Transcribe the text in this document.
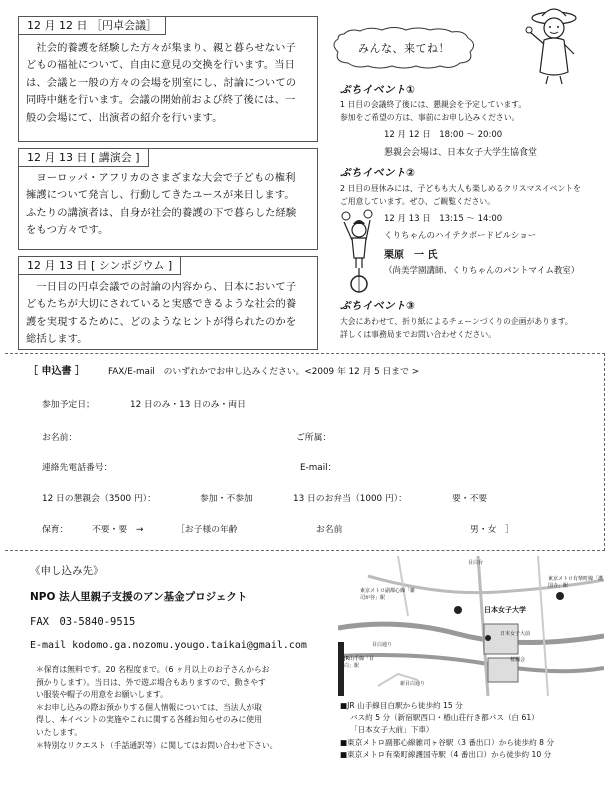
12 月 12 日 ［円卓会議］
社会的養護を経験した方々が集まり、親と暮らせない子
どもの福祉について、自由に意見の交換を行います。当日
は、会議と一般の方々の会場を別室にし、討論についての
同時中継を行います。会議の開始前および終了後には、一
般の会場にて、出演者の紹介を行います。
12 月 13 日 [ 講演会 ]
ヨーロッパ・アフリカのさまざまな大会で子どもの権利
擁護について発言し、行動してきたユースが来日します。
ふたりの講演者は、自身が社会的養護の下で暮らした経験
をもつ方々です。
12 月 13 日 [ シンポジウム ]
一日目の円卓会議での討論の内容から、日本において子
どもたちが大切にされていると実感できるような社会的養
護を実現するために、どのようなヒントが得られたのかを
総括します。
みんな、来てね！
ぷちイベント①
1 日目の会議終了後には、懇親会を予定しています。
参加をご希望の方は、事前にお申し込みください。
12 月 12 日　18:00 ～ 20:00
懇親会会場は、日本女子大学生協食堂
ぷちイベント②
2 日目の昼休みには、子どもも大人も楽しめるクリスマスイベントを
ご用意しています。ぜひ、ご観覧ください。
12 月 13 日　13:15 ～ 14:00
くりちゃんのハイテクボードビルショー
栗原　一 氏
（尚美学園講師、くりちゃんのパントマイム教室）
ぷちイベント③
大会にあわせて、折り紙によるチェーンづくりの企画があります。
詳しくは事務局までお問い合わせください。
［ 申込書 ］	FAX/E-mail　のいずれかでお申し込みください。<2009 年 12 月 5 日まで >
参加予定日；	12 日のみ・13 日のみ・両日
お名前：	ご所属：
連絡先電話番号：	E-mail：
12 日の懇親会（3500 円）：	参加・不参加	13 日のお弁当（1000 円）：	要・不要
保育：	不要・要　→	［お子様の年齢	お名前	男・女　］
《申し込み先》
NPO 法人里親子支援のアン基金プロジェクト
FAX　03-5840-9515
E-mail kodomo.ga.nozomu.yougo.taikai@gmail.com
＊保育は無料です。20 名程度まで。（6 ヶ月以上のお子さんからお
預かりします）。当日は、外で遊ぶ場合もありますので、動きやす
い服装や帽子の用意をお願いします。
＊お申し込みの際お預かりする個人情報については、当法人が取
得し、本イベントの実施やこれに関する各種お知らせのみに使用
いたします。
＊特別なリクエスト（手話通訳等）に関してはお問い合わせ下さい。
目白台
東京メトロ副都心線「雑司が谷」駅
東京メトロ有楽町線「護国寺」駅
日本女子大学
JR山手線「目白」駅
目白通り
新目白通り
日本女子大前
桜楓会
■JR 山手線目白駅から徒歩約 15 分
バス約 5 分（新宿駅西口・椿山荘行き都バス（白 61）
「日本女子大前」下車）
■東京メトロ副都心線雑司ヶ谷駅（3 番出口）から徒歩約 8 分
■東京メトロ有楽町線護国寺駅（4 番出口）から徒歩約 10 分
